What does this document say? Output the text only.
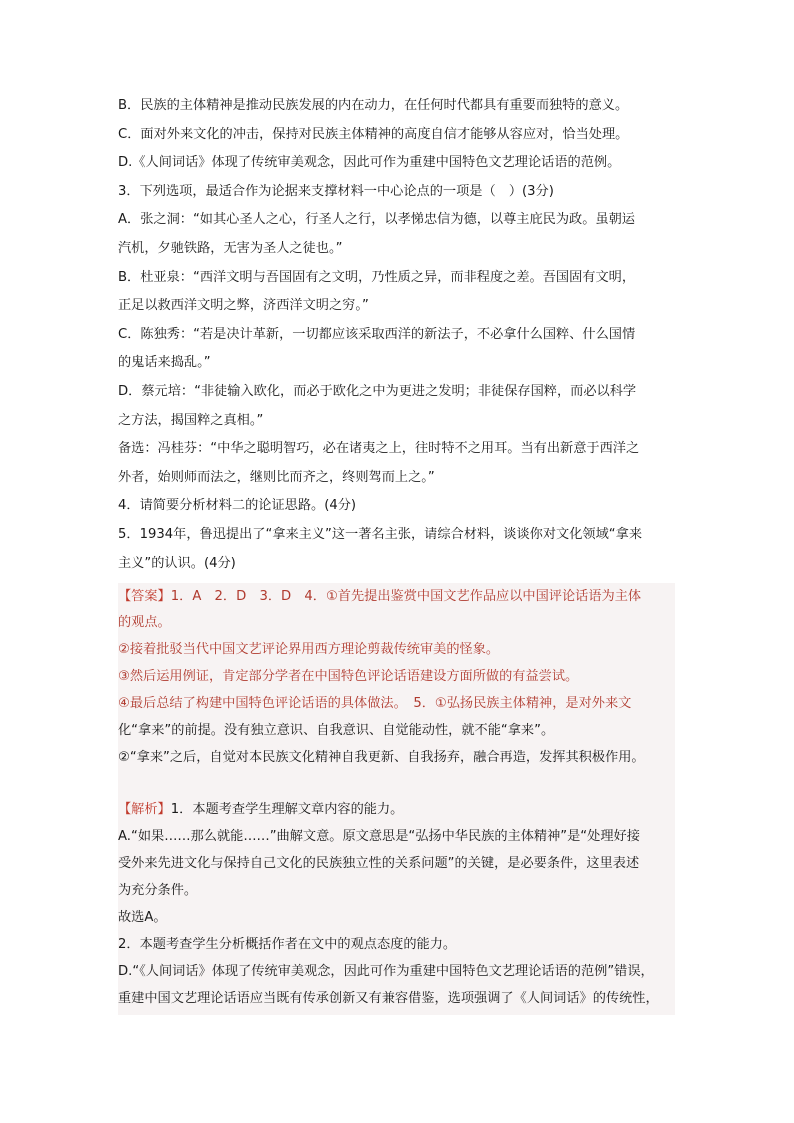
B．民族的主体精神是推动民族发展的内在动力，在任何时代都具有重要而独特的意义。

C．面对外来文化的冲击，保持对民族主体精神的高度自信才能够从容应对，恰当处理。

D.《人间词话》体现了传统审美观念，因此可作为重建中国特色文艺理论话语的范例。

3．下列选项，最适合作为论据来支撑材料一中心论点的一项是（　）(3分)

A．张之洞：“如其心圣人之心，行圣人之行，以孝悌忠信为德，以尊主庇民为政。虽朝运

汽机，夕驰铁路，无害为圣人之徒也。”

B．杜亚泉：“西洋文明与吾国固有之文明，乃性质之异，而非程度之差。吾国固有文明，

正足以救西洋文明之弊，济西洋文明之穷。”

C．陈独秀：“若是决计革新，一切都应该采取西洋的新法子，不必拿什么国粹、什么国情

的鬼话来捣乱。”

D．蔡元培：“非徒输入欧化，而必于欧化之中为更进之发明；非徒保存国粹，而必以科学

之方法，揭国粹之真相。”

备选：冯桂芬：“中华之聪明智巧，必在诸夷之上，往时特不之用耳。当有出新意于西洋之

外者，始则师而法之，继则比而齐之，终则驾而上之。”

4．请简要分析材料二的论证思路。(4分)

5．1934年，鲁迅提出了“拿来主义”这一著名主张，请综合材料，谈谈你对文化领域“拿来

主义”的认识。(4分)

【答案】1．A　2．D　3．D　4．①首先提出鉴赏中国文艺作品应以中国评论话语为主体

的观点。

②接着批驳当代中国文艺评论界用西方理论剪裁传统审美的怪象。

③然后运用例证，肯定部分学者在中国特色评论话语建设方面所做的有益尝试。

④最后总结了构建中国特色评论话语的具体做法。　5．①弘扬民族主体精神，是对外来文

化“拿来”的前提。没有独立意识、自我意识、自觉能动性，就不能“拿来”。

②“拿来”之后，自觉对本民族文化精神自我更新、自我扬弃，融合再造，发挥其积极作用。

【解析】1．本题考查学生理解文章内容的能力。

A.“如果……那么就能……”曲解文意。原文意思是“弘扬中华民族的主体精神”是“处理好接

受外来先进文化与保持自己文化的民族独立性的关系问题”的关键，是必要条件，这里表述

为充分条件。

故选A。

2．本题考查学生分析概括作者在文中的观点态度的能力。

D.“《人间词话》体现了传统审美观念，因此可作为重建中国特色文艺理论话语的范例”错误，

重建中国文艺理论话语应当既有传承创新又有兼容借鉴，选项强调了《人间词话》的传统性，
